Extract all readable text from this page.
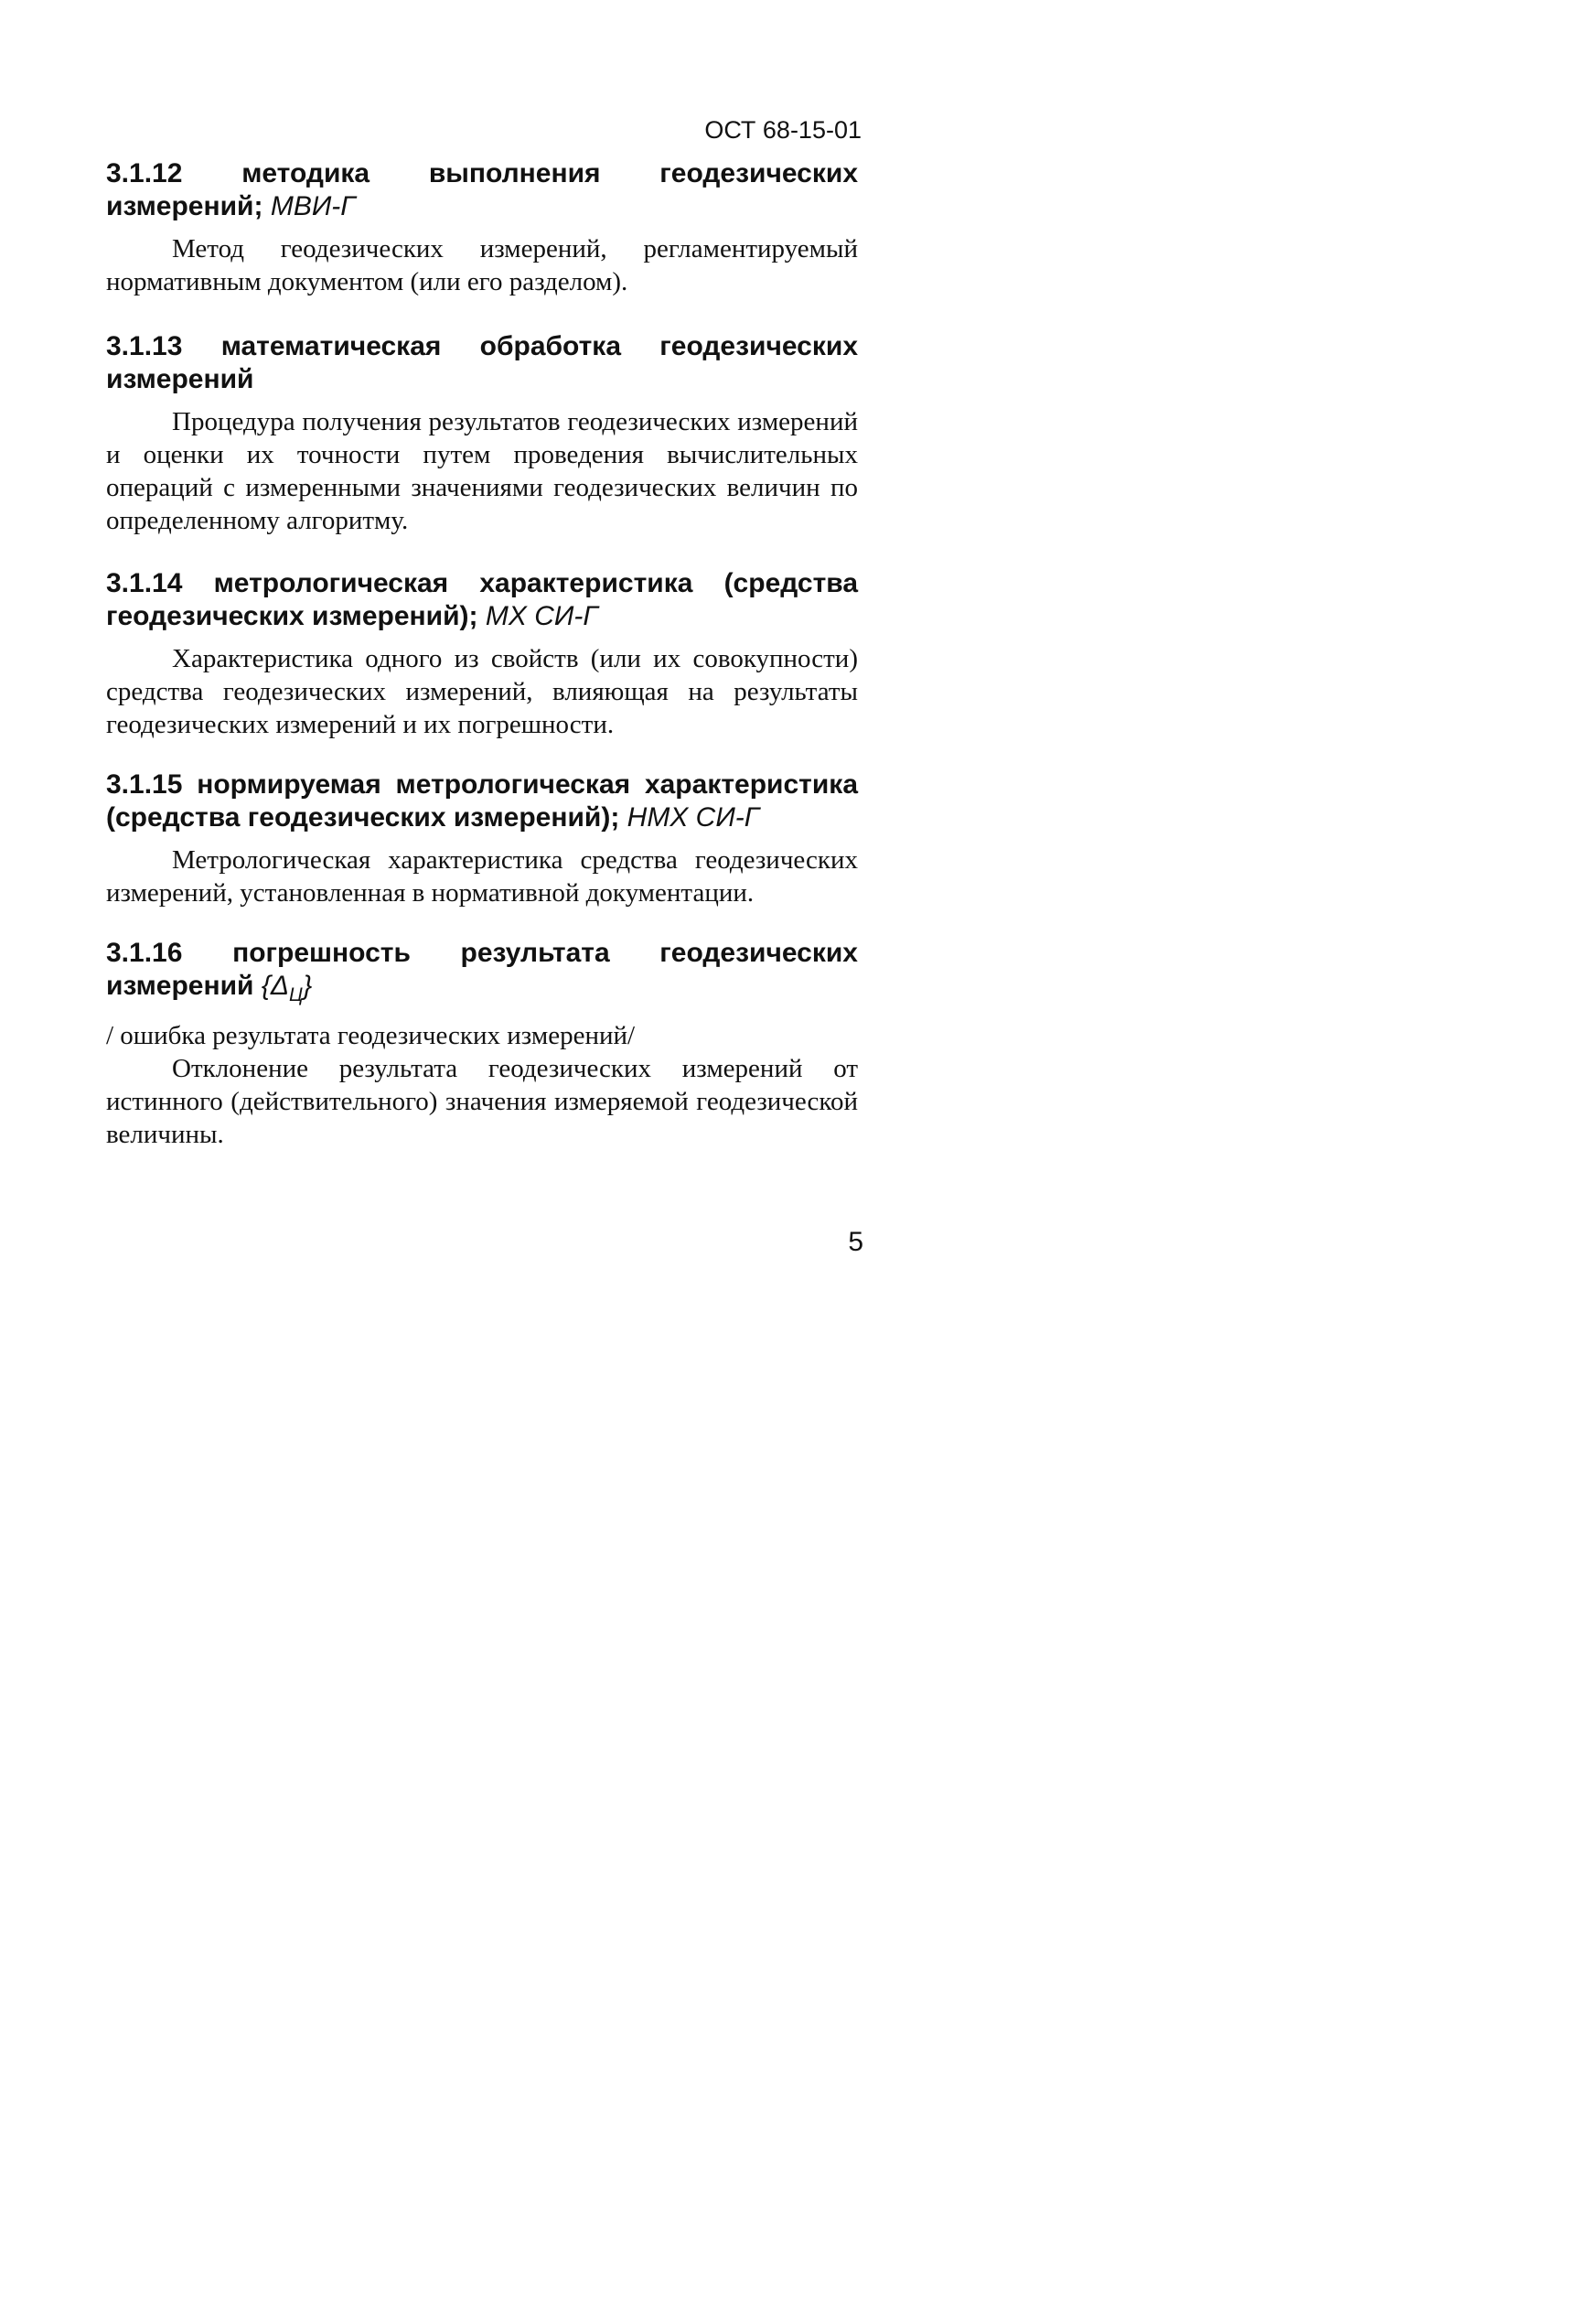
ОСТ 68-15-01

3.1.12 методика выполнения геодезических измерений; МВИ-Г

Метод геодезических измерений, регламентируемый нормативным документом (или его разделом).

3.1.13 математическая обработка геодезических измерений

Процедура получения результатов геодезических измерений и оценки их точности путем проведения вычислительных операций с измеренными значениями геодезических величин по определенному алгоритму.

3.1.14 метрологическая характеристика (средства геодезических измерений); МХ СИ-Г

Характеристика одного из свойств (или их совокупности) средства геодезических измерений, влияющая на результаты геодезических измерений и их погрешности.

3.1.15 нормируемая метрологическая характеристика (средства геодезических измерений); НМХ СИ-Г

Метрологическая характеристика средства геодезических измерений, установленная в нормативной документации.

3.1.16 погрешность результата геодезических измерений $\{\Delta_Ц\}$

/ ошибка результата геодезических измерений/

Отклонение результата геодезических измерений от истинного (действительного) значения измеряемой геодезической величины.

5
